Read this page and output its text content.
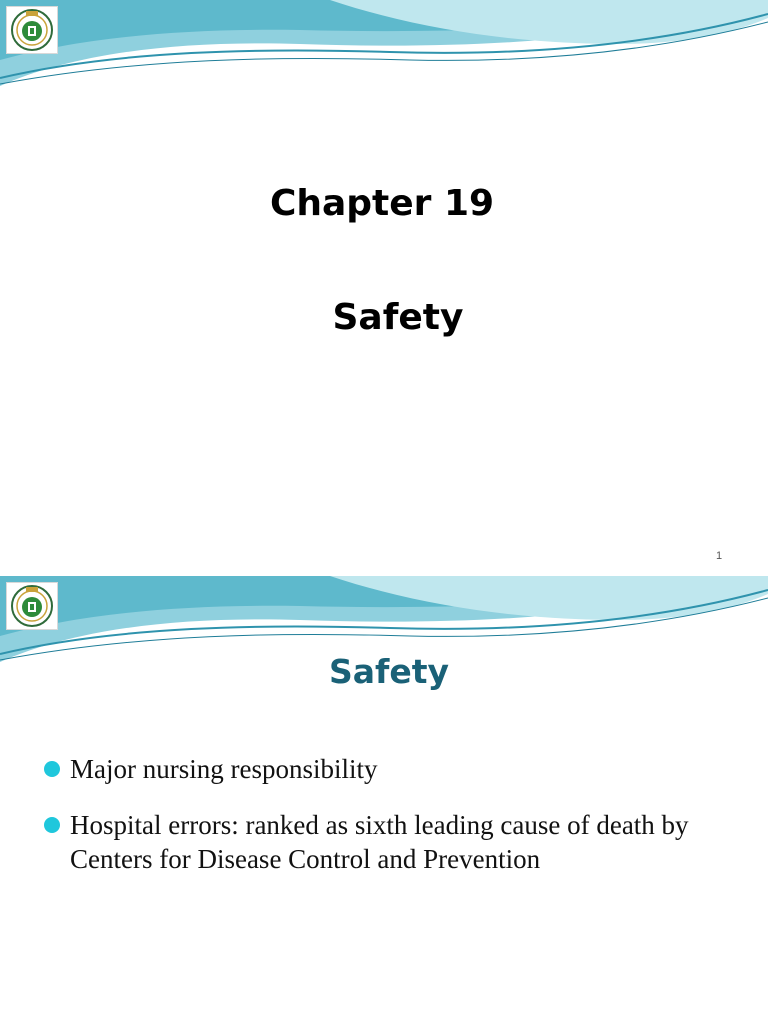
Chapter 19
Safety
1
Safety
Major nursing responsibility
Hospital errors: ranked as sixth leading cause of death by Centers for Disease Control and Prevention
